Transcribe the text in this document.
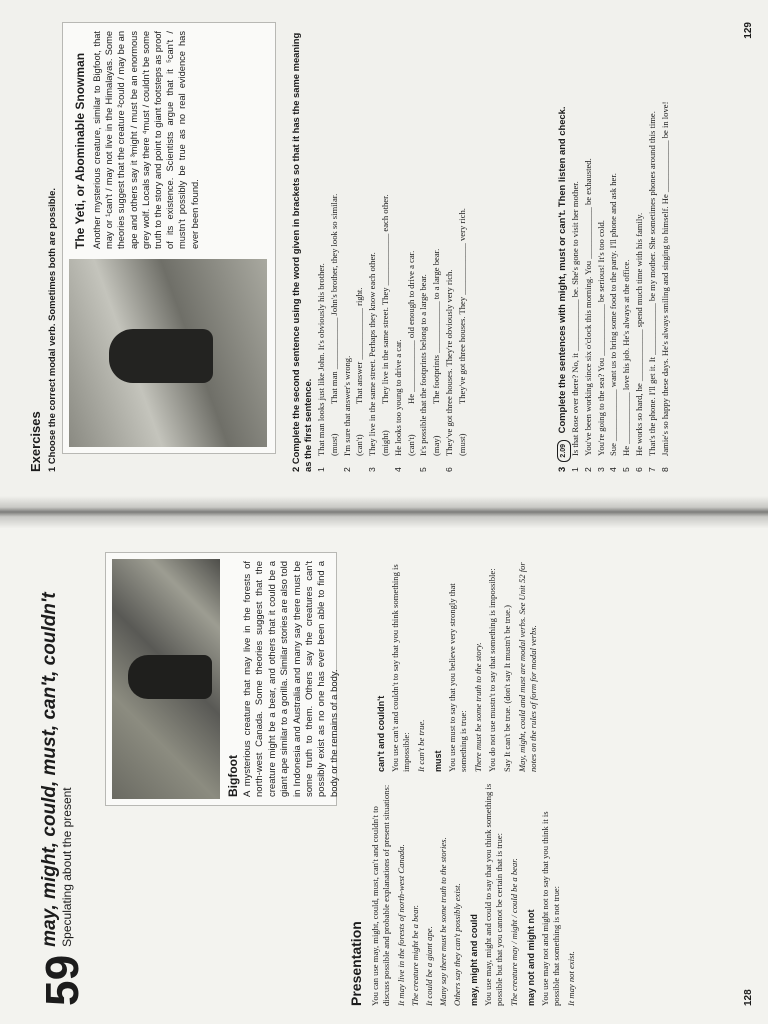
59
may, might, could, must, can't, couldn't Speculating about the present
Bigfoot A mysterious creature that may live in the forests of north-west Canada. Some theories suggest that the creature might be a bear, and others that it could be a giant ape similar to a gorilla. Similar stories are also told in Indonesia and Australia and many say there must be some truth to them. Others say the creatures can't possibly exist as no one has ever been able to find a body or the remains of a body.
Presentation You can use may, might, could, must, can't and couldn't to discuss possible and probable explanations of present situations: It may live in the forests of north-west Canada. The creature might be a bear. It could be a giant ape. Many say there must be some truth to the stories. Others say they can't possibly exist. may, might and could You use may, might and could to say that you think something is possible but that you cannot be certain that is true: The creature may / might / could be a bear. may not and might not You use may not and might not to say that you think it is possible that something is not true: It may not exist.

can't and couldn't You use can't and couldn't to say that you think something is impossible: It can't be true. must You use must to say that you believe very strongly that something is true: There must be some truth to the story. You do not use mustn't to say that something is impossible: Say It can't be true. (don't say It mustn't be true.) May, might, could and must are modal verbs. See Unit 52 for notes on the rules of form for modal verbs.

128
Exercises 1 Choose the correct modal verb. Sometimes both are possible.
The Yeti, or Abominable Snowman Another mysterious creature, similar to Bigfoot, that may or ¹can't / may not live in the Himalayas. Some theories suggest that the creature ²could / may be an ape and others say it ³might / must be an enormous grey wolf. Locals say there ⁴must / couldn't be some truth to the story and point to giant footsteps as proof of its existence. Scientists argue that it ⁵can't / mustn't possibly be true as no real evidence has ever been found.	2 Complete the second sentence using the word given in brackets so that it has the same meaning as the first sentence. 1
That man looks just like John. It's obviously his brother. (must)
That man ____________ John's brother, they look so similar.
2
I'm sure that answer's wrong. (can't)
That answer ____________ right.
3
They live in the same street. Perhaps they know each other. (might)
They live in the same street. They ____________ each other.
4
He looks too young to drive a car. (can't)
He ____________ old enough to drive a car.
5
It's possible that the footprints belong to a large bear. (may)
The footprints ____________ to a large bear.
6
They've got three houses. They're obviously very rich. (must)
They've got three houses. They ____________ very rich.
3  2.09 Complete the sentences with might, must or can't. Then listen and check.
1
Is that Rose over there? No, it ____________ be. She's gone to visit her mother.
2
You've been working since six o'clock this morning. You ____________ be exhausted.
3
You're going to the sea? You ____________ be serious! It's too cold.
4
Sue ____________ want us to bring some food to the party. I'll phone and ask her.
5
He ____________ love his job. He's always at the office.
6
He works so hard, he ____________ spend much time with his family.
7
That's the phone. I'll get it. It ____________ be my mother. She sometimes phones around this time.
8
Jamie's so happy these days. He's always smiling and singing to himself. He ____________ be in love!
129
